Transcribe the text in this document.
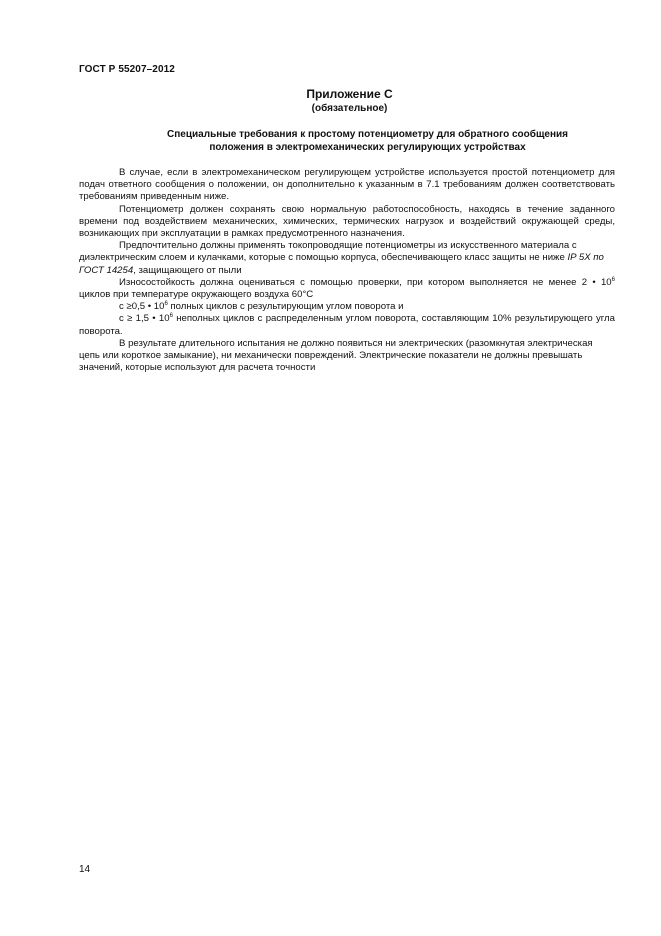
ГОСТ Р 55207–2012
Приложение С
(обязательное)
Специальные требования к простому потенциометру для обратного сообщения
положения в электромеханических регулирующих устройствах

В случае, если в электромеханическом регулирующем устройстве используется простой потенциометр для подач ответного сообщения о положении, он дополнительно к указанным в 7.1 требованиям должен соответствовать требованиям приведенным ниже.

Потенциометр должен сохранять свою нормальную работоспособность, находясь в течение заданного времени под воздействием механических, химических, термических нагрузок и воздействий окружающей среды, возникающих при эксплуатации в рамках предусмотренного назначения.

Предпочтительно должны применять токопроводящие потенциометры из искусственного материала с диэлектрическим слоем и кулачками, которые с помощью корпуса, обеспечивающего класс защиты не ниже IP 5X по ГОСТ 14254, защищающего от пыли

Износостойкость должна оцениваться с помощью проверки, при котором выполняется не менее 2 • $10^6$ циклов при температуре окружающего воздуха 60°C

с ≥0,5 • $10^6$ полных циклов с результирующим углом поворота и

с ≥ 1,5 • $10^6$ неполных циклов с распределенным углом поворота, составляющим 10% результирующего угла поворота.

В результате длительного испытания не должно появиться ни электрических (разомкнутая электрическая цепь или короткое замыкание), ни механически повреждений. Электрические показатели не должны превышать значений, которые используют для расчета точности

14
